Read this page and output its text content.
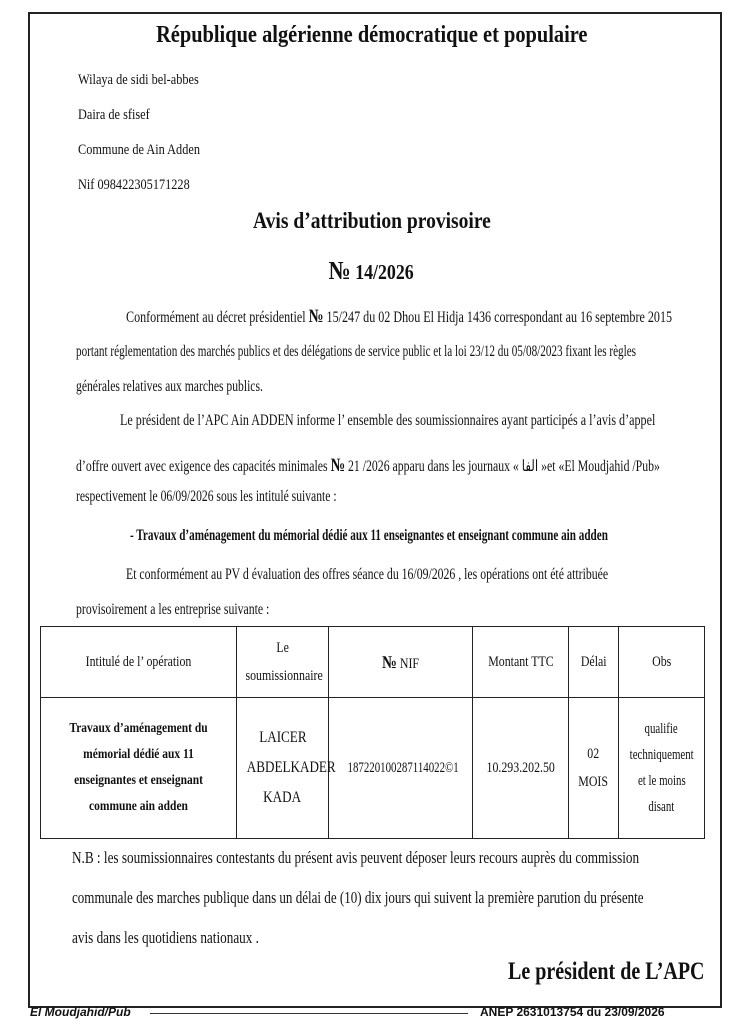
République algérienne démocratique et populaire
Wilaya de sidi bel-abbes
Daira de sfisef
Commune de Ain Adden
Nif 098422305171228
Avis d’attribution provisoire
№ 14/2026
Conformément au décret présidentiel № 15/247 du 02 Dhou El Hidja 1436 correspondant au 16 septembre 2015
portant réglementation des marchés publics et des délégations de service public et la loi 23/12 du 05/08/2023 fixant les règles
générales relatives aux marches publics.
Le président de l’APC Ain ADDEN informe l’ ensemble des soumissionnaires ayant participés a l’avis d’appel
d’offre ouvert avec exigence des capacités minimales № 21 /2026 apparu dans les journaux « الفا »et «El Moudjahid /Pub»
respectivement le 06/09/2026 sous les intitulé suivante :
- Travaux d’aménagement du mémorial dédié aux 11 enseignantes et enseignant commune ain adden
Et conformément au PV d évaluation des offres séance du 16/09/2026 , les opérations ont été attribuée
provisoirement a les entreprise suivante :
Intitulé de l’ opération	Le
soumissionnaire	№ NIF	Montant TTC	Délai	Obs

Travaux d’aménagement du mémorial dédié aux 11 enseignantes et enseignant commune ain adden	LAICER
ABDELKADER
KADA	187220100287114022©1	10.293.202.50	02
MOIS	qualifie
techniquement
et le moins
disant
N.B : les soumissionnaires contestants du présent avis peuvent déposer leurs recours auprès du commission
communale des marches publique dans un délai de (10) dix jours qui suivent la première parution du présente
avis dans les quotidiens nationaux .
Le président de L’APC
El Moudjahid/Pub	ANEP 2631013754 du 23/09/2026
